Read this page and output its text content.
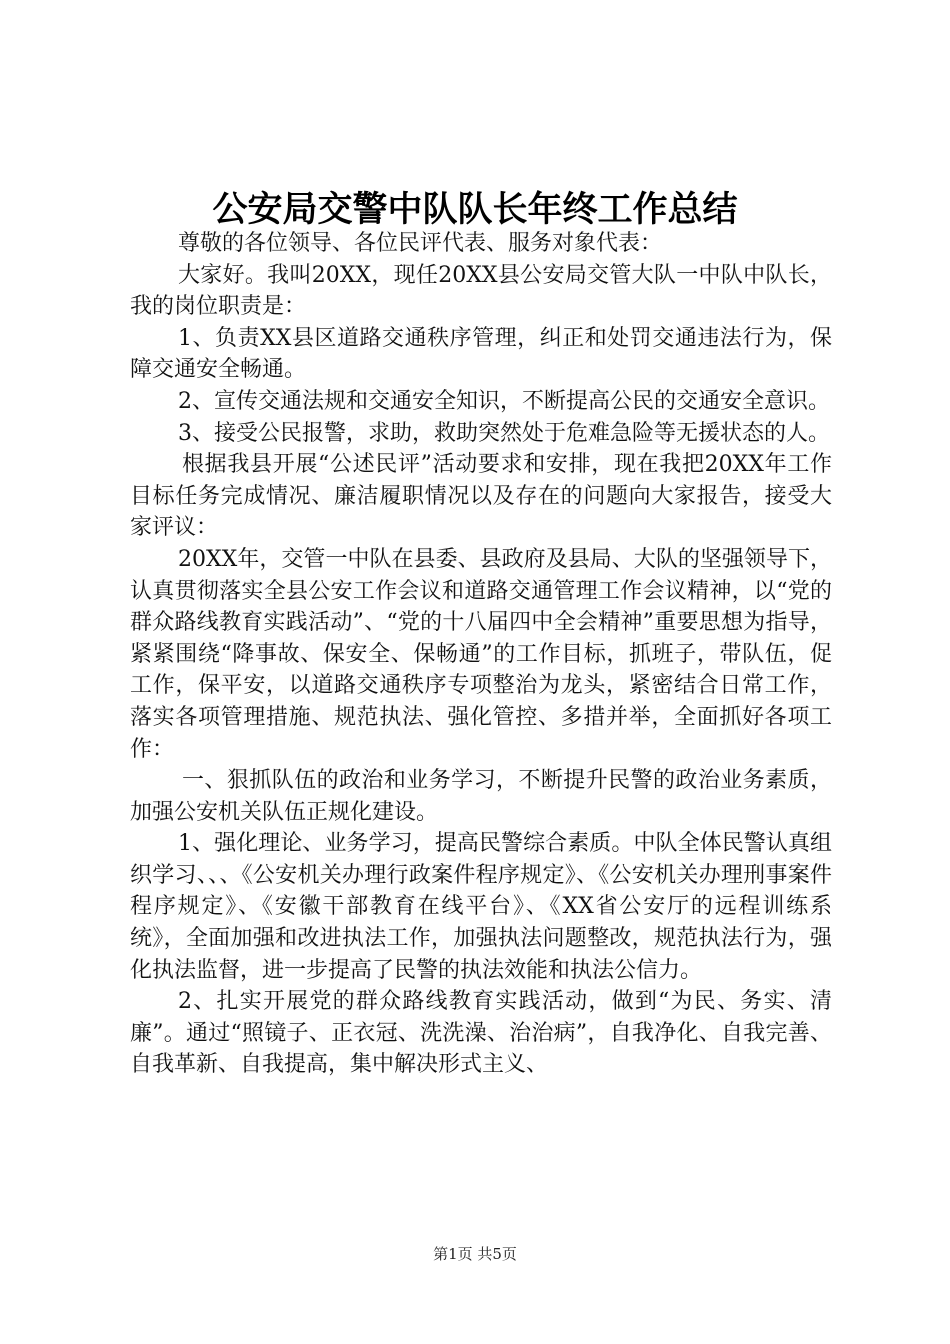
公安局交警中队队长年终工作总结

尊敬的各位领导、各位民评代表、服务对象代表：

大家好。我叫20XX，现任20XX县公安局交管大队一中队中队长，我的岗位职责是：

1、负责XX县区道路交通秩序管理，纠正和处罚交通违法行为，保障交通安全畅通。

2、宣传交通法规和交通安全知识，不断提高公民的交通安全意识。

3、接受公民报警，求助，救助突然处于危难急险等无援状态的人。

根据我县开展“公述民评”活动要求和安排，现在我把20XX年工作目标任务完成情况、廉洁履职情况以及存在的问题向大家报告，接受大家评议：

20XX年，交管一中队在县委、县政府及县局、大队的坚强领导下，认真贯彻落实全县公安工作会议和道路交通管理工作会议精神，以“党的群众路线教育实践活动”、“党的十八届四中全会精神”重要思想为指导，紧紧围绕“降事故、保安全、保畅通”的工作目标，抓班子，带队伍，促工作，保平安，以道路交通秩序专项整治为龙头，紧密结合日常工作，落实各项管理措施、规范执法、强化管控、多措并举，全面抓好各项工作：

一、狠抓队伍的政治和业务学习，不断提升民警的政治业务素质，加强公安机关队伍正规化建设。

1、强化理论、业务学习，提高民警综合素质。中队全体民警认真组织学习、、、《公安机关办理行政案件程序规定》、《公安机关办理刑事案件程序规定》、《安徽干部教育在线平台》、《XX省公安厅的远程训练系统》，全面加强和改进执法工作，加强执法问题整改，规范执法行为，强化执法监督，进一步提高了民警的执法效能和执法公信力。

2、扎实开展党的群众路线教育实践活动，做到“为民、务实、清廉”。通过“照镜子、正衣冠、洗洗澡、治治病”，自我净化、自我完善、自我革新、自我提高，集中解决形式主义、

第1页 共5页
